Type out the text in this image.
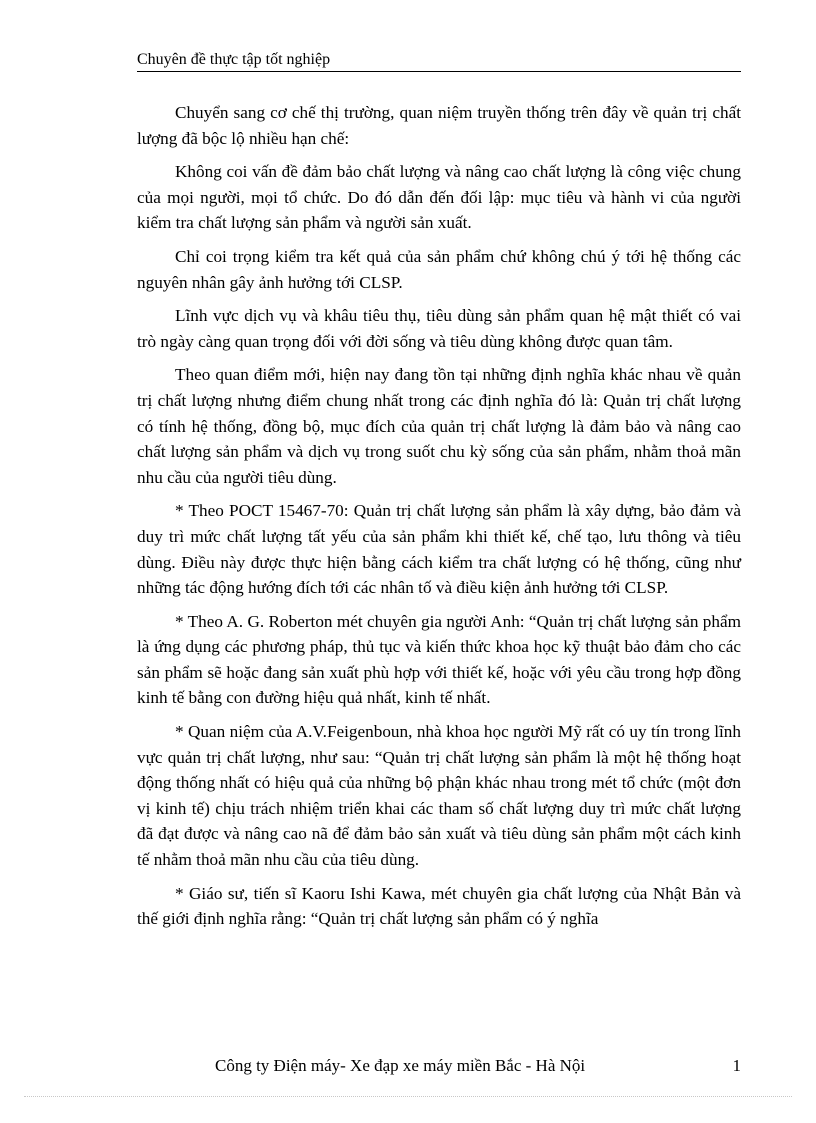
Chuyên đề thực tập tốt nghiệp

Chuyển sang cơ chế thị trường, quan niệm truyền thống trên đây về quản trị chất lượng đã bộc lộ nhiều hạn chế:

Không coi vấn đề đảm bảo chất lượng và nâng cao chất lượng là công việc chung của mọi người, mọi tổ chức. Do đó dẫn đến đối lập: mục tiêu và hành vi của người kiểm tra chất lượng sản phẩm và người sản xuất.

Chỉ coi trọng kiểm tra kết quả của sản phẩm chứ không chú ý tới hệ thống các nguyên nhân gây ảnh hưởng tới CLSP.

Lĩnh vực dịch vụ và khâu tiêu thụ, tiêu dùng sản phẩm quan hệ mật thiết có vai trò ngày càng quan trọng đối với đời sống và tiêu dùng không được quan tâm.

Theo quan điểm mới, hiện nay đang tồn tại những định nghĩa khác nhau về quản trị chất lượng nhưng điểm chung nhất trong các định nghĩa đó là: Quản trị chất lượng có tính hệ thống, đồng bộ, mục đích của quản trị chất lượng là đảm bảo và nâng cao chất lượng sản phẩm và dịch vụ trong suốt chu kỳ sống của sản phẩm, nhằm thoả mãn nhu cầu của người tiêu dùng.

* Theo POCT 15467-70: Quản trị chất lượng sản phẩm là xây dựng, bảo đảm và duy trì mức chất lượng tất yếu của sản phẩm khi thiết kế, chế tạo, lưu thông và tiêu dùng. Điều này được thực hiện bằng cách kiểm tra chất lượng có hệ thống, cũng như những tác động hướng đích tới các nhân tố và điều kiện ảnh hưởng tới CLSP.

* Theo A. G. Roberton mét chuyên gia người Anh: “Quản trị chất lượng sản phẩm là ứng dụng các phương pháp, thủ tục và kiến thức khoa học kỹ thuật bảo đảm cho các sản phẩm sẽ hoặc đang sản xuất phù hợp với thiết kế, hoặc với yêu cầu trong hợp đồng kinh tế bằng con đường hiệu quả nhất, kinh tế nhất.

* Quan niệm của A.V.Feigenboun, nhà khoa học người Mỹ rất có uy tín trong lĩnh vực quản trị chất lượng, như sau: “Quản trị chất lượng sản phẩm là một hệ thống hoạt động thống nhất có hiệu quả của những bộ phận khác nhau trong mét tổ chức (một đơn vị kinh tế) chịu trách nhiệm triển khai các tham số chất lượng duy trì mức chất lượng đã đạt được và nâng cao nã để đảm bảo sản xuất và tiêu dùng sản phẩm một cách kinh tế nhằm thoả mãn nhu cầu của tiêu dùng.

* Giáo sư, tiến sĩ Kaoru Ishi Kawa, mét chuyên gia chất lượng của Nhật Bản và thế giới định nghĩa rằng: “Quản trị chất lượng sản phẩm có ý nghĩa

Công ty Điện máy- Xe đạp xe máy miền Bắc - Hà Nội	1
